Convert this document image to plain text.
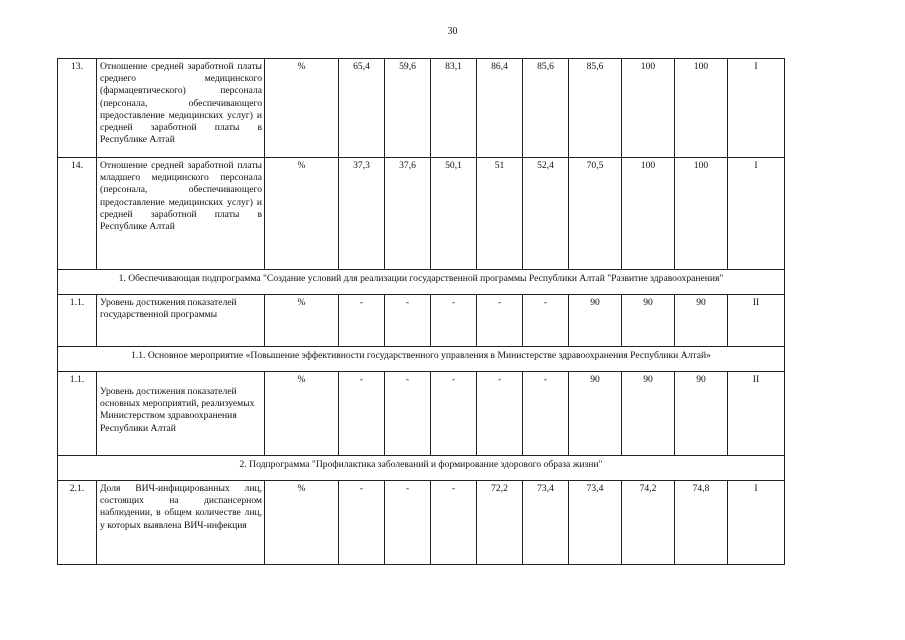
30
13.	Отношение средней заработной платы среднего медицинского (фармацевтического) персонала (персонала, обеспечивающего предоставление медицинских услуг) и средней заработной платы в Республике Алтай	%	65,4	59,6	83,1	86,4	85,6	85,6	100	100	I
14.	Отношение средней заработной платы младшего медицинского персонала (персонала, обеспечивающего предоставление медицинских услуг) и средней заработной платы в Республике Алтай	%	37,3	37,6	50,1	51	52,4	70,5	100	100	I
1. Обеспечивающая подпрограмма "Создание условий для реализации государственной программы Республики Алтай "Развитие здравоохранения"											
1.1.	Уровень достижения показателей государственной программы	%	-	-	-	-	-	90	90	90	II
1.1. Основное мероприятие «Повышение эффективности государственного управления в Министерстве здравоохранения Республики Алтай»											
1.1.	Уровень достижения показателей основных мероприятий, реализуемых Министерством здравоохранения Республики Алтай	%	-	-	-	-	-	90	90	90	II
2. Подпрограмма "Профилактика заболеваний и формирование здорового образа жизни"											
2.1.	Доля ВИЧ-инфицированных лиц, состоящих на диспансерном наблюдении, в общем количестве лиц, у которых выявлена ВИЧ-инфекция	%	-	-	-	72,2	73,4	73,4	74,2	74,8	I
